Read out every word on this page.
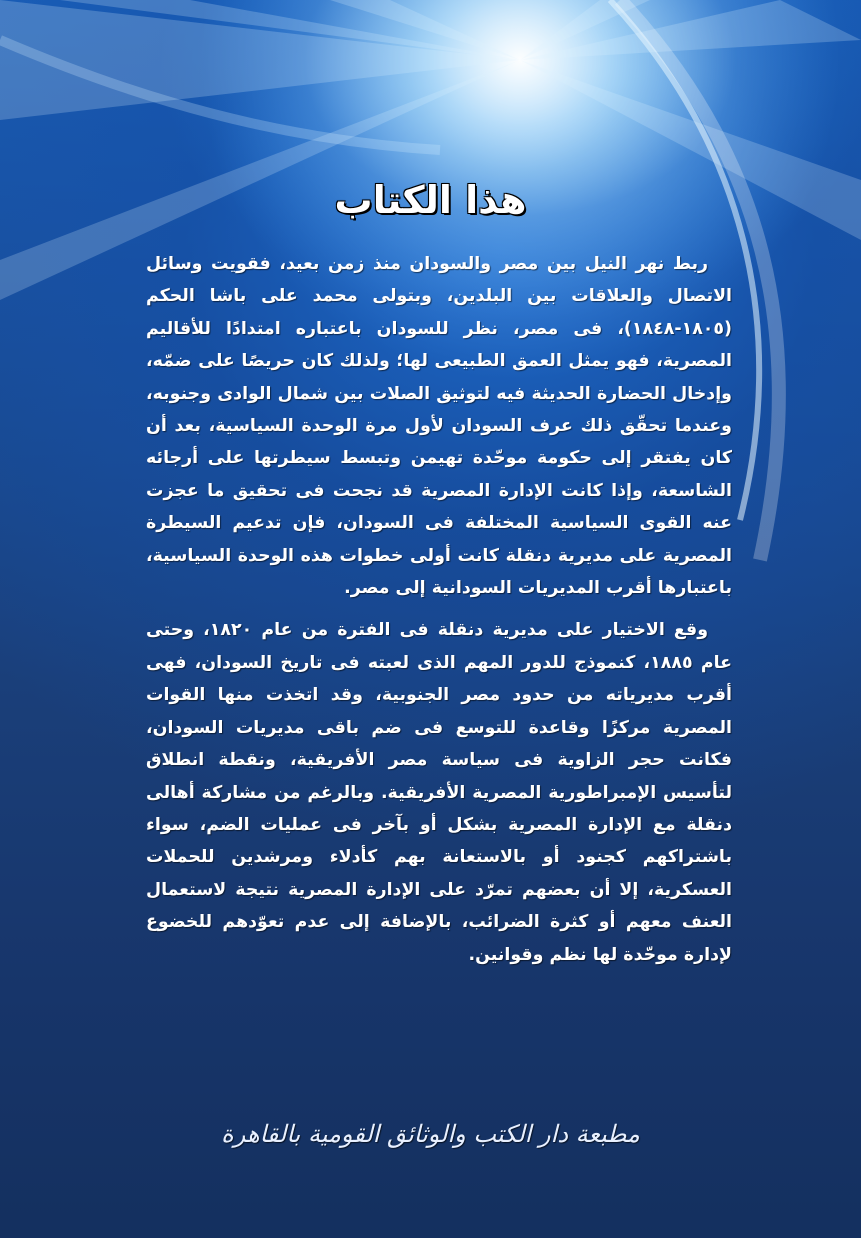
هذا الكتاب

ربط نهر النيل بين مصر والسودان منذ زمن بعيد، فقويت وسائل الاتصال والعلاقات بين البلدين، وبتولى محمد على باشا الحكم (١٨٠٥-١٨٤٨)، فى مصر، نظر للسودان باعتباره امتدادًا للأقاليم المصرية، فهو يمثل العمق الطبيعى لها؛ ولذلك كان حريصًا على ضمّه، وإدخال الحضارة الحديثة فيه لتوثيق الصلات بين شمال الوادى وجنوبه، وعندما تحقّق ذلك عرف السودان لأول مرة الوحدة السياسية، بعد أن كان يفتقر إلى حكومة موحّدة تهيمن وتبسط سيطرتها على أرجائه الشاسعة، وإذا كانت الإدارة المصرية قد نجحت فى تحقيق ما عجزت عنه القوى السياسية المختلفة فى السودان، فإن تدعيم السيطرة المصرية على مديرية دنقلة كانت أولى خطوات هذه الوحدة السياسية، باعتبارها أقرب المديريات السودانية إلى مصر.

وقع الاختيار على مديرية دنقلة فى الفترة من عام ١٨٢٠، وحتى عام ١٨٨٥، كنموذج للدور المهم الذى لعبته فى تاريخ السودان، فهى أقرب مديرياته من حدود مصر الجنوبية، وقد اتخذت منها القوات المصرية مركزًا وقاعدة للتوسع فى ضم باقى مديريات السودان، فكانت حجر الزاوية فى سياسة مصر الأفريقية، ونقطة انطلاق لتأسيس الإمبراطورية المصرية الأفريقية. وبالرغم من مشاركة أهالى دنقلة مع الإدارة المصرية بشكل أو بآخر فى عمليات الضم، سواء باشتراكهم كجنود أو بالاستعانة بهم كأدلاء ومرشدين للحملات العسكرية، إلا أن بعضهم تمرّد على الإدارة المصرية نتيجة لاستعمال العنف معهم أو كثرة الضرائب، بالإضافة إلى عدم تعوّدهم للخضوع لإدارة موحّدة لها نظم وقوانين.

مطبعة دار الكتب والوثائق القومية بالقاهرة
